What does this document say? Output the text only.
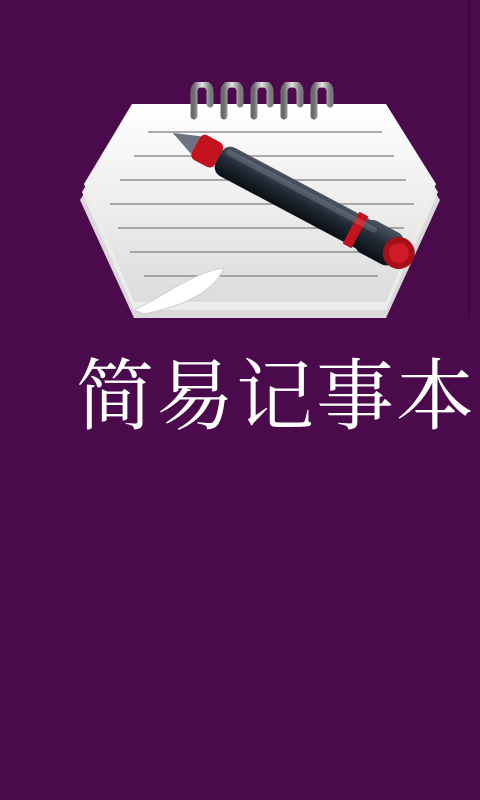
简易记事本
